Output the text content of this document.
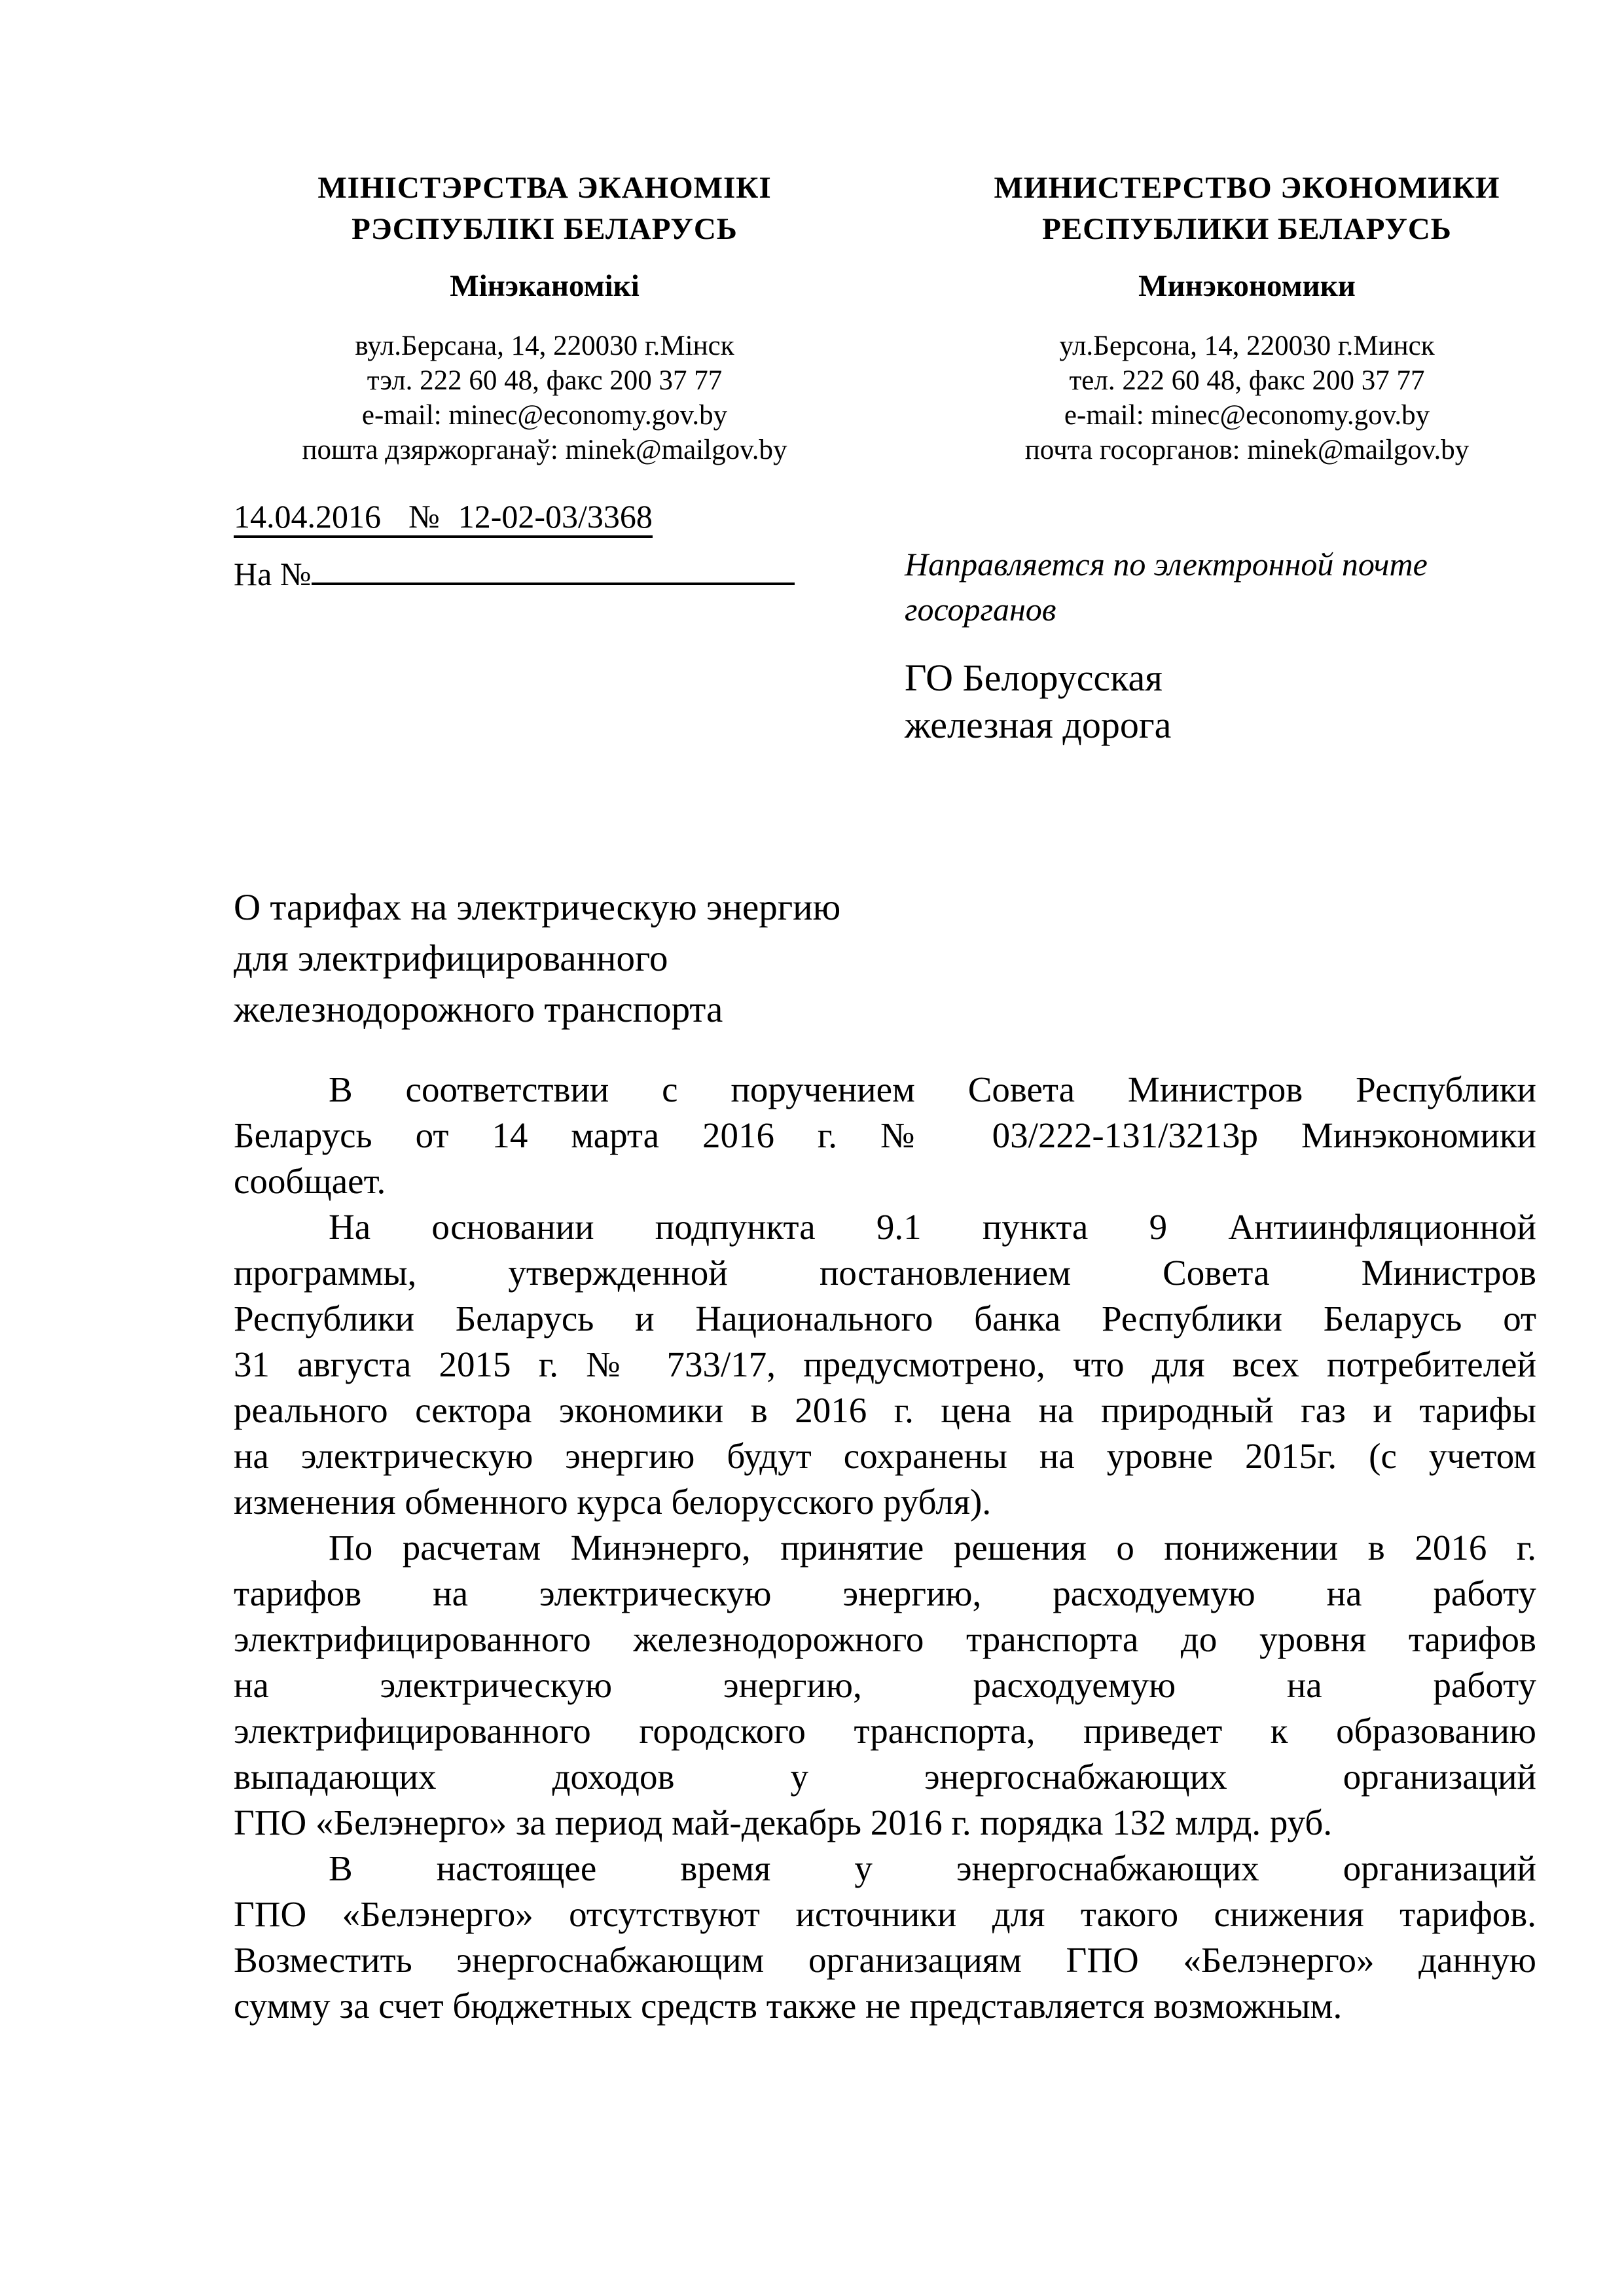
МІНІСТЭРСТВА ЭКАНОМІКІ
РЭСПУБЛІКІ БЕЛАРУСЬ
Мінэканомікі
вул.Берсана, 14, 220030 г.Мінск
тэл. 222 60 48, факс 200 37 77
e-mail: minec@economy.gov.by
пошта дзяржорганаў: minek@mailgov.by
МИНИСТЕРСТВО ЭКОНОМИКИ
РЕСПУБЛИКИ БЕЛАРУСЬ
Минэкономики
ул.Берсона, 14, 220030 г.Минск
тел. 222 60 48, факс 200 37 77
e-mail: minec@economy.gov.by
почта госорганов: minek@mailgov.by
14.04.2016 № 12-02-03/3368
На №	Направляется по электронной почте
госорганов
ГО Белорусская
железная дорога
О тарифах на электрическую энергию
для электрифицированного
железнодорожного транспорта
В соответствии с поручением Совета Министров Республики
Беларусь от 14 марта 2016 г. № 03/222-131/3213р Минэкономики
сообщает.
На основании подпункта 9.1 пункта 9 Антиинфляционной
программы, утвержденной постановлением Совета Министров
Республики Беларусь и Национального банка Республики Беларусь от
31 августа 2015 г. № 733/17, предусмотрено, что для всех потребителей
реального сектора экономики в 2016 г. цена на природный газ и тарифы
на электрическую энергию будут сохранены на уровне 2015г. (с учетом
изменения обменного курса белорусского рубля).
По расчетам Минэнерго, принятие решения о понижении в 2016 г.
тарифов на электрическую энергию, расходуемую на работу
электрифицированного железнодорожного транспорта до уровня тарифов
на электрическую энергию, расходуемую на работу
электрифицированного городского транспорта, приведет к образованию
выпадающих доходов у энергоснабжающих организаций
ГПО «Белэнерго» за период май-декабрь 2016 г. порядка 132 млрд. руб.
В настоящее время у энергоснабжающих организаций
ГПО «Белэнерго» отсутствуют источники для такого снижения тарифов.
Возместить энергоснабжающим организациям ГПО «Белэнерго» данную
сумму за счет бюджетных средств также не представляется возможным.
